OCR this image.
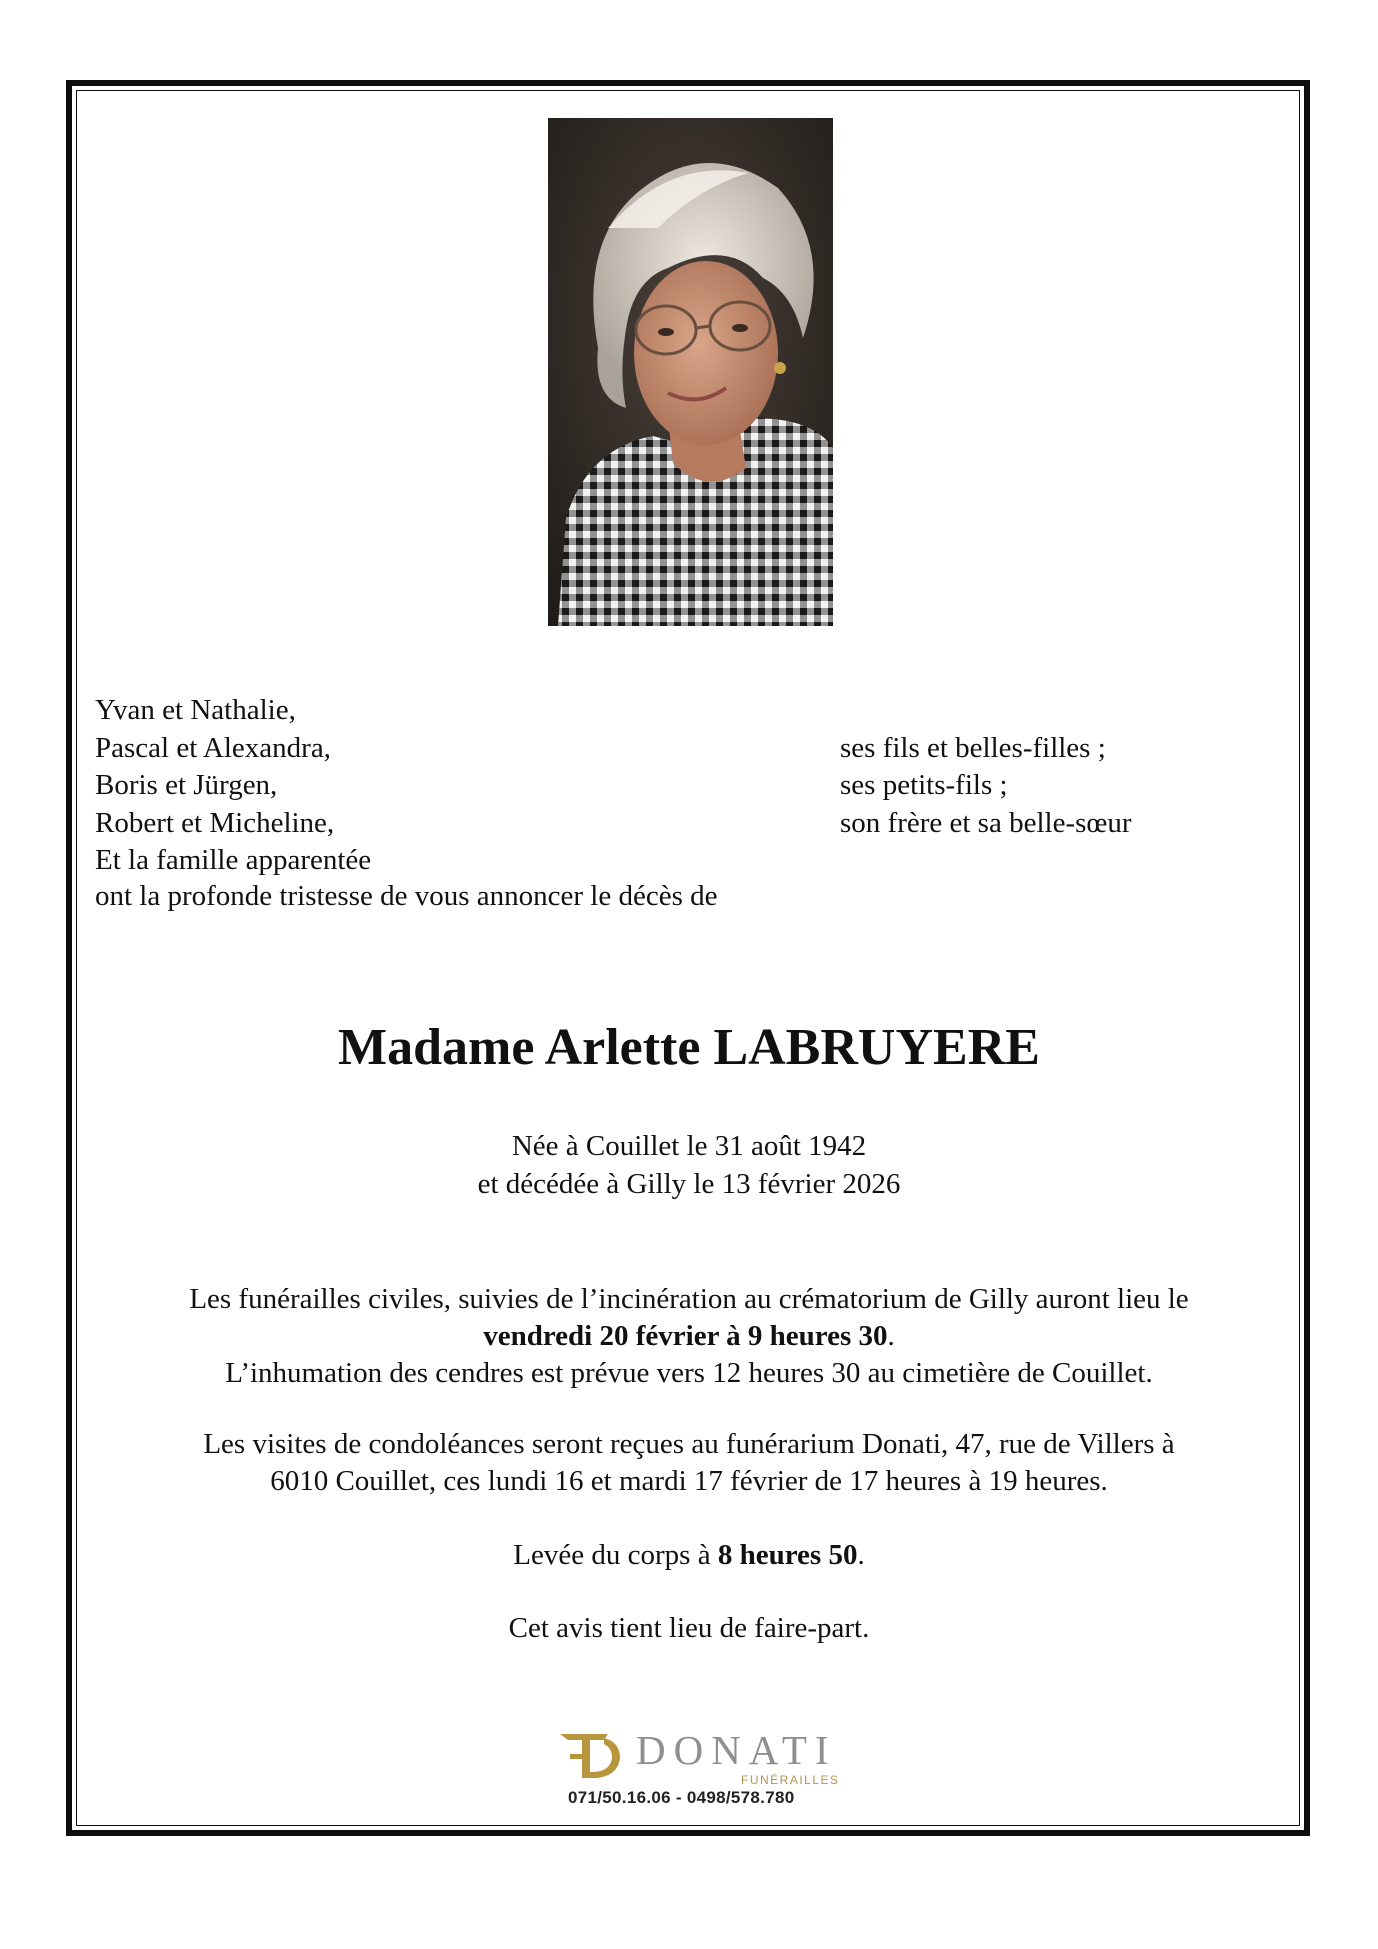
Yvan et Nathalie,
Pascal et Alexandra,	ses fils et belles-filles ;
Boris et Jürgen,	ses petits-fils ;
Robert et Micheline,	son frère et sa belle-sœur
Et la famille apparentée
ont la profonde tristesse de vous annoncer le décès de
Madame Arlette LABRUYERE
Née à Couillet le 31 août 1942
et décédée à Gilly le 13 février 2026
Les funérailles civiles, suivies de l’incinération au crématorium de Gilly auront lieu le
vendredi 20 février à 9 heures 30.
L’inhumation des cendres est prévue vers 12 heures 30 au cimetière de Couillet.
Les visites de condoléances seront reçues au funérarium Donati, 47, rue de Villers à
6010 Couillet, ces lundi 16 et mardi 17 février de 17 heures à 19 heures.
Levée du corps à 8 heures 50.
Cet avis tient lieu de faire-part.
DONATI
FUNÉRAILLES
071/50.16.06 - 0498/578.780
